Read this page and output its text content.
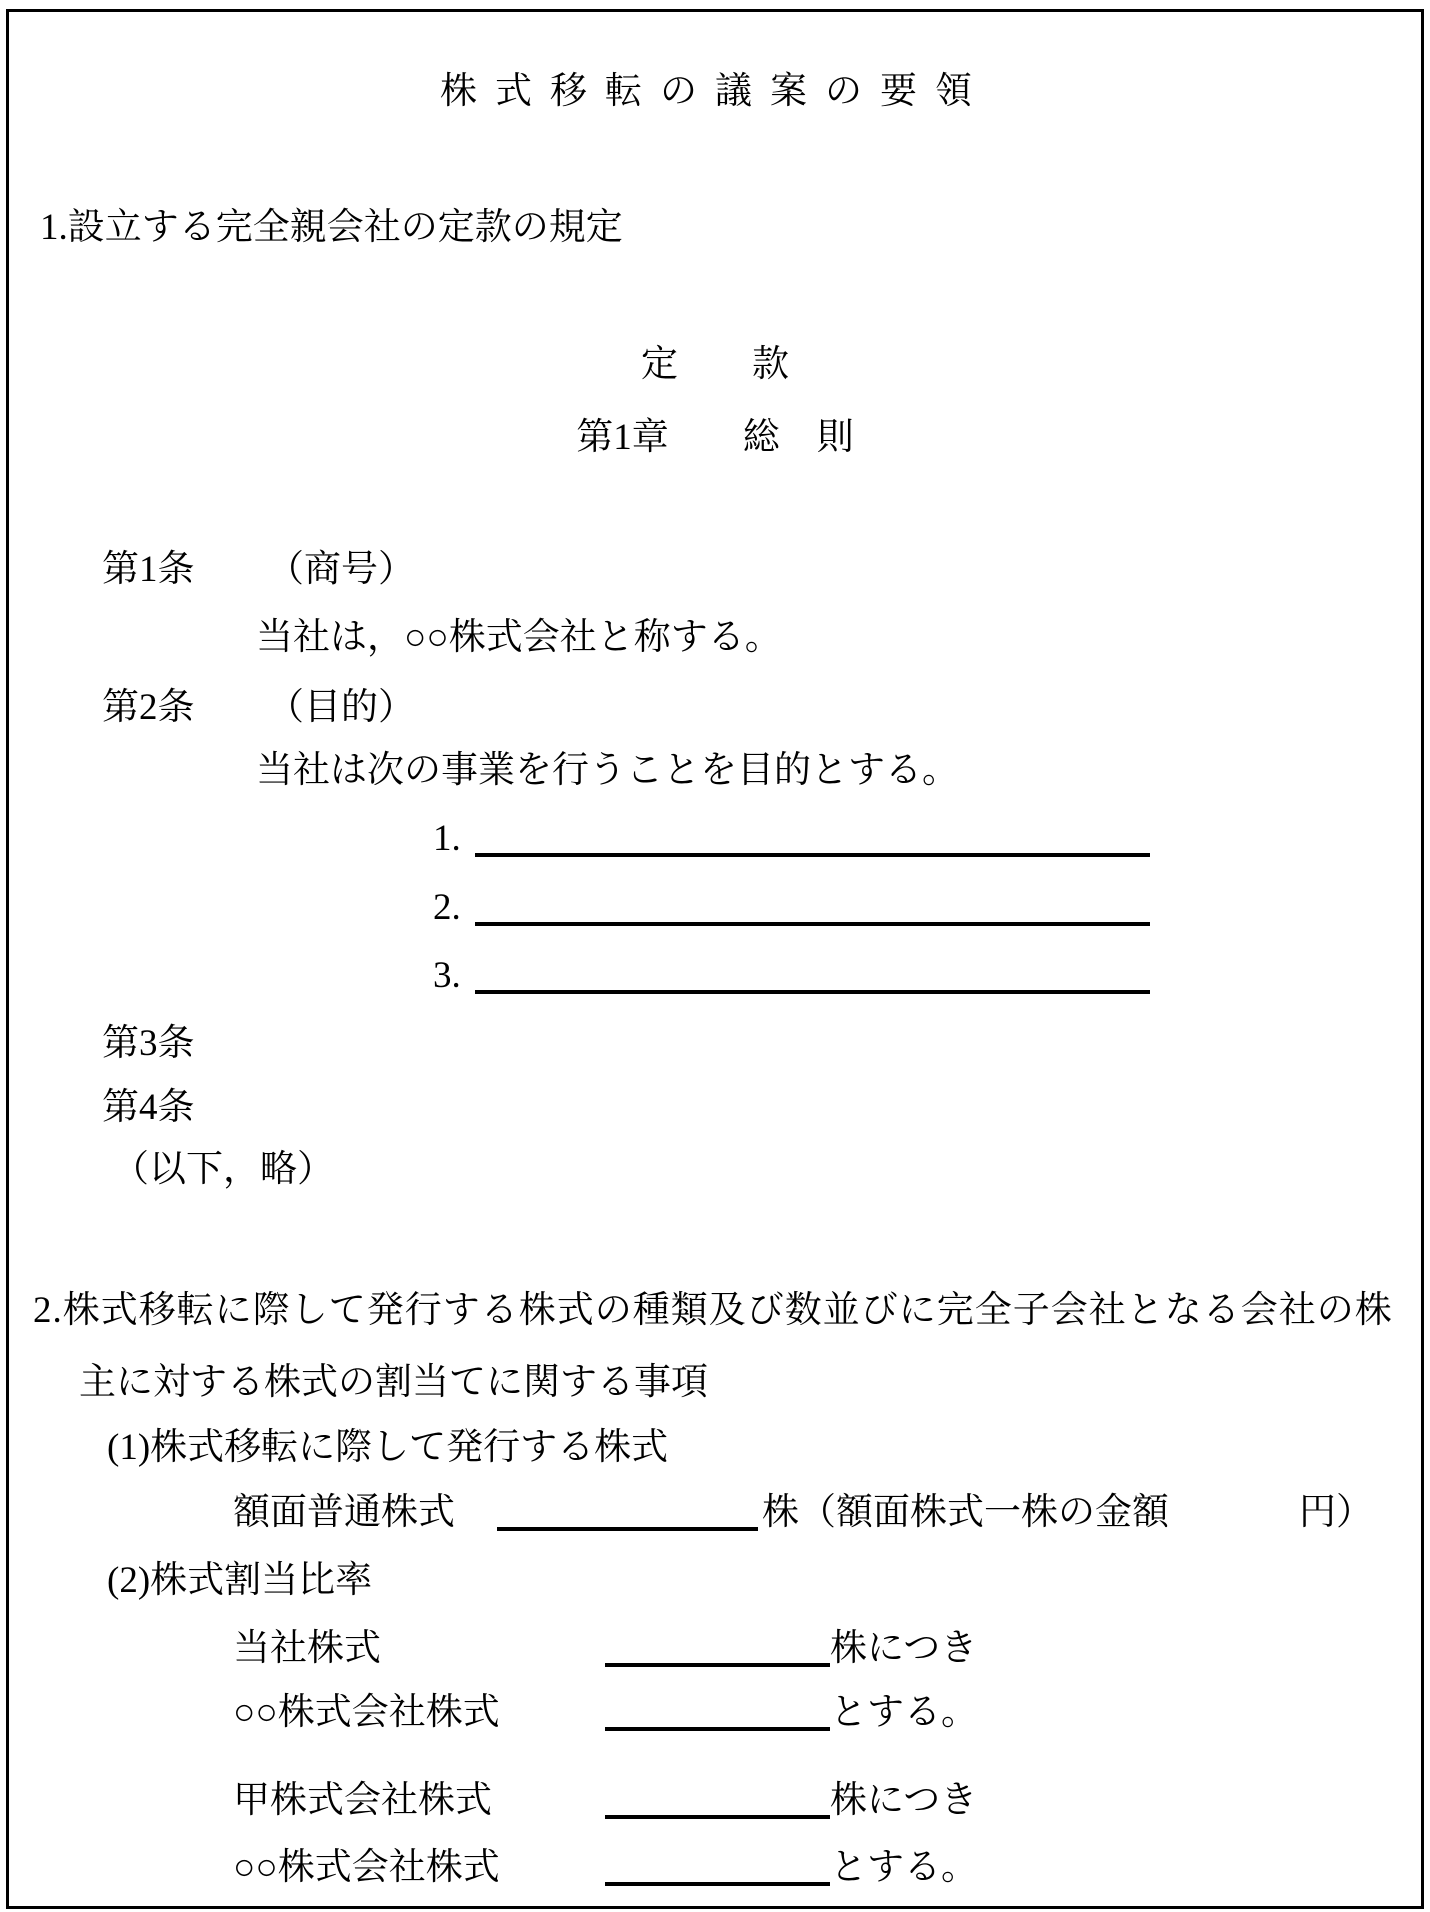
株式移転の議案の要領
1.設立する完全親会社の定款の規定
定　　款
第1章　　総　則
第1条 （商号）
当社は，○○株式会社と称する。
第2条 （目的）
当社は次の事業を行うことを目的とする。
1.
2.
3.
第3条
第4条
（以下，略）
2.株式移転に際して発行する株式の種類及び数並びに完全子会社となる会社の株
主に対する株式の割当てに関する事項
(1)株式移転に際して発行する株式
額面普通株式	株（額面株式一株の金額	円）
(2)株式割当比率
当社株式	株につき
○○株式会社株式	とする。
甲株式会社株式	株につき
○○株式会社株式	とする。
